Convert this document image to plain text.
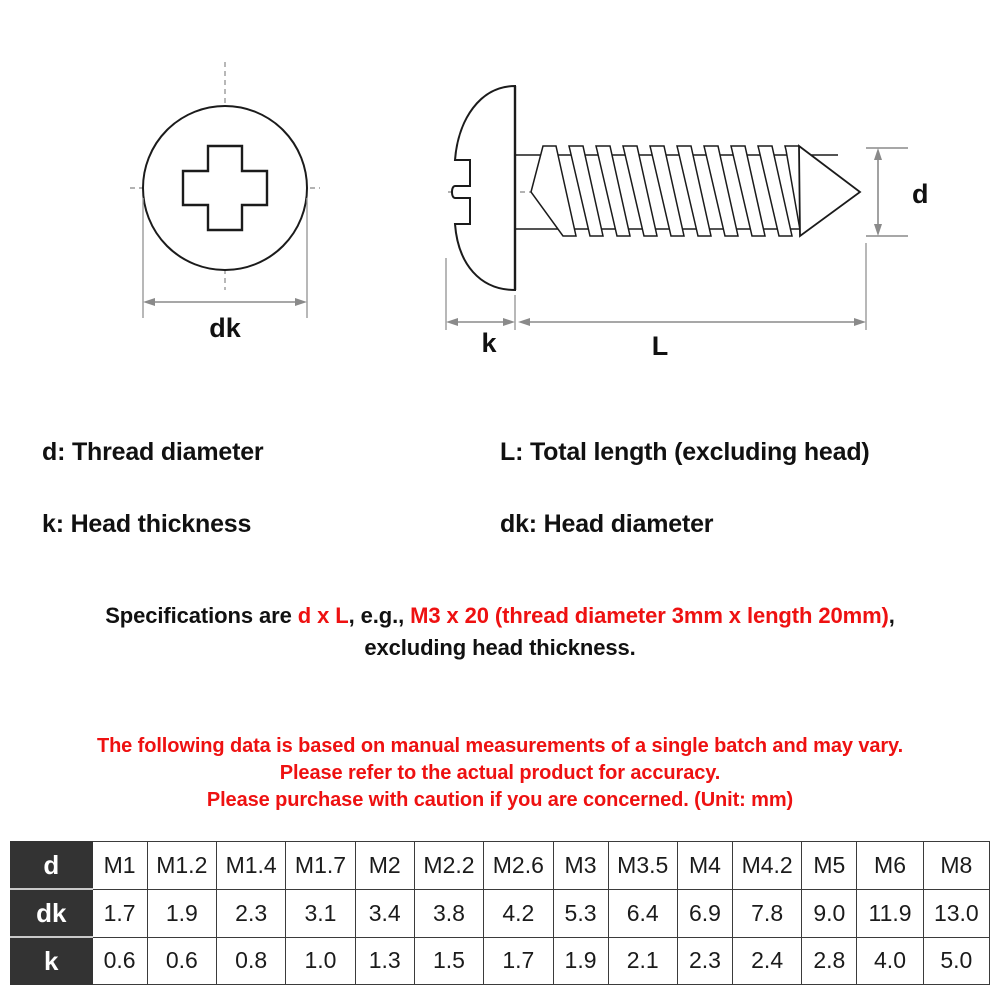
dk
d
k	L
d: Thread diameter	L: Total length (excluding head)
k: Head thickness	dk: Head diameter
Specifications are d x L, e.g., M3 x 20 (thread diameter 3mm x length 20mm),
excluding head thickness.
The following data is based on manual measurements of a single batch and may vary.
Please refer to the actual product for accuracy.
Please purchase with caution if you are concerned. (Unit: mm)
d	M1	M1.2	M1.4	M1.7	M2	M2.2	M2.6	M3	M3.5	M4	M4.2	M5	M6	M8
dk	1.7	1.9	2.3	3.1	3.4	3.8	4.2	5.3	6.4	6.9	7.8	9.0	11.9	13.0
k	0.6	0.6	0.8	1.0	1.3	1.5	1.7	1.9	2.1	2.3	2.4	2.8	4.0	5.0
